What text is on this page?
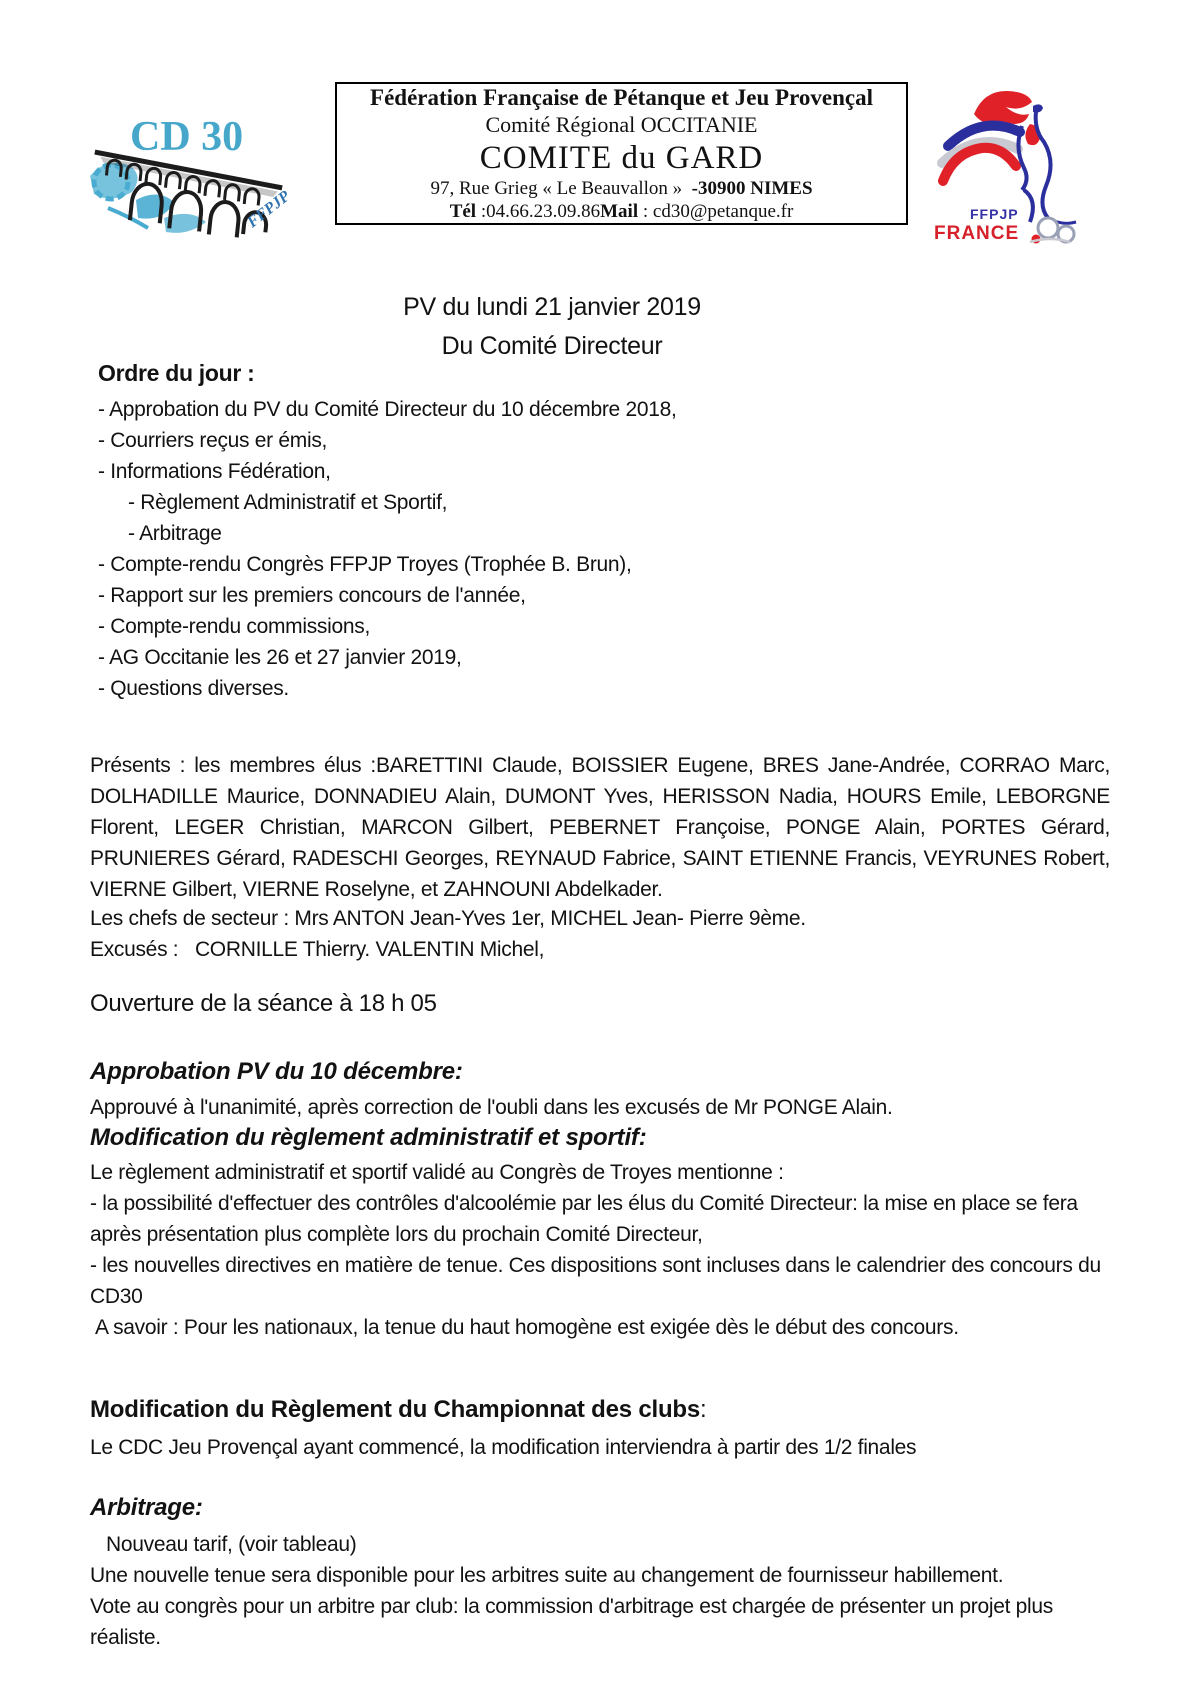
CD 30
FFPJP
Fédération Française de Pétanque et Jeu Provençal
Comité Régional OCCITANIE
COMITE du GARD
97, Rue Grieg « Le Beauvallon »  -30900 NIMES
Tél :04.66.23.09.86Mail : cd30@petanque.fr	FFPJP
FRANCE
PV du lundi 21 janvier 2019
Du Comité Directeur
Ordre du jour :
- Approbation du PV du Comité Directeur du 10 décembre 2018,
- Courriers reçus er émis,
- Informations Fédération,
- Règlement Administratif et Sportif,
- Arbitrage
- Compte-rendu Congrès FFPJP Troyes (Trophée B. Brun),
- Rapport sur les premiers concours de l'année,
- Compte-rendu commissions,
- AG Occitanie les 26 et 27 janvier 2019,
- Questions diverses.
Présents : les membres élus :BARETTINI Claude, BOISSIER Eugene, BRES Jane-Andrée, CORRAO Marc, DOLHADILLE Maurice, DONNADIEU Alain, DUMONT Yves, HERISSON Nadia, HOURS Emile, LEBORGNE Florent, LEGER Christian, MARCON Gilbert, PEBERNET Françoise, PONGE Alain, PORTES Gérard, PRUNIERES Gérard, RADESCHI Georges, REYNAUD Fabrice, SAINT ETIENNE Francis, VEYRUNES Robert, VIERNE Gilbert, VIERNE Roselyne, et ZAHNOUNI Abdelkader.
Les chefs de secteur : Mrs ANTON Jean-Yves 1er, MICHEL Jean- Pierre 9ème.
Excusés :   CORNILLE Thierry. VALENTIN Michel,
Ouverture de la séance à 18 h 05
Approbation PV du 10 décembre:
Approuvé à l'unanimité, après correction de l'oubli dans les excusés de Mr PONGE Alain.
Modification du règlement administratif et sportif:
Le règlement administratif et sportif validé au Congrès de Troyes mentionne :
- la possibilité d'effectuer des contrôles d'alcoolémie par les élus du Comité Directeur: la mise en place se fera après présentation plus complète lors du prochain Comité Directeur,
- les nouvelles directives en matière de tenue. Ces dispositions sont incluses dans le calendrier des concours du CD30
A savoir : Pour les nationaux, la tenue du haut homogène est exigée dès le début des concours.
Modification du Règlement du Championnat des clubs:
Le CDC Jeu Provençal ayant commencé, la modification interviendra à partir des 1/2 finales
Arbitrage:
Nouveau tarif, (voir tableau)
Une nouvelle tenue sera disponible pour les arbitres suite au changement de fournisseur habillement.
Vote au congrès pour un arbitre par club: la commission d'arbitrage est chargée de présenter un projet plus réaliste.
